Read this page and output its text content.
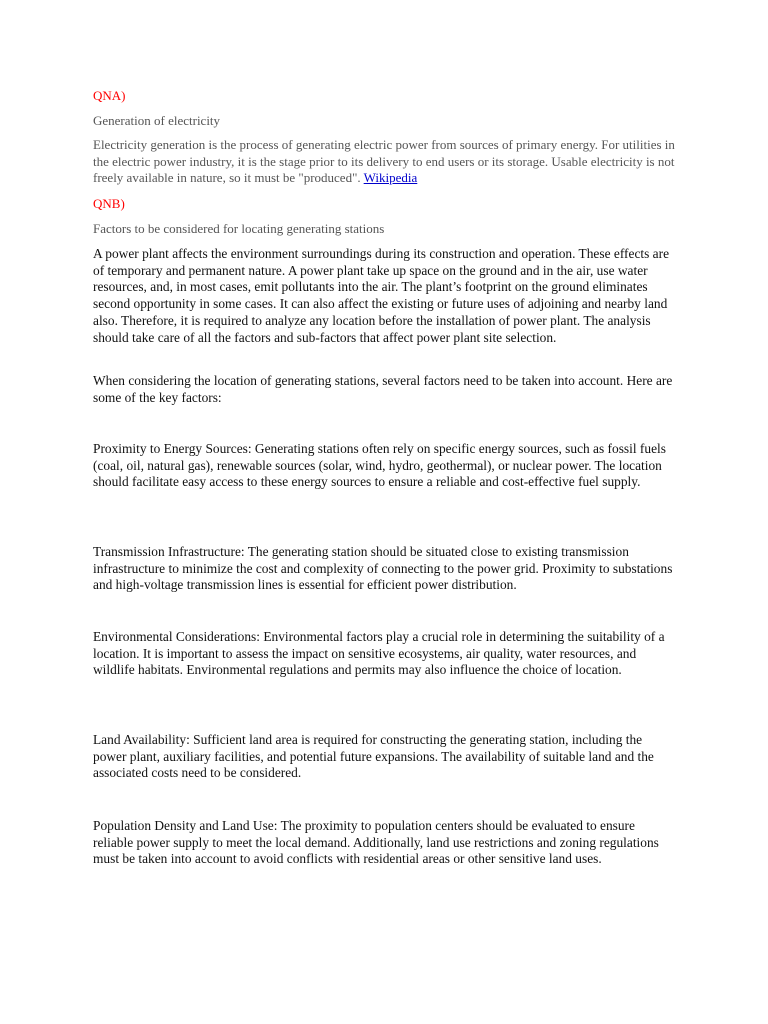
QNA)
Generation of electricity
Electricity generation is the process of generating electric power from sources of primary energy. For utilities in the electric power industry, it is the stage prior to its delivery to end users or its storage. Usable electricity is not freely available in nature, so it must be "produced". Wikipedia
QNB)
Factors to be considered for locating generating stations
A power plant affects the environment surroundings during its construction and operation. These effects are of temporary and permanent nature. A power plant take up space on the ground and in the air, use water resources, and, in most cases, emit pollutants into the air. The plant’s footprint on the ground eliminates second opportunity in some cases. It can also affect the existing or future uses of adjoining and nearby land also. Therefore, it is required to analyze any location before the installation of power plant. The analysis should take care of all the factors and sub-factors that affect power plant site selection.
When considering the location of generating stations, several factors need to be taken into account. Here are some of the key factors:
Proximity to Energy Sources: Generating stations often rely on specific energy sources, such as fossil fuels (coal, oil, natural gas), renewable sources (solar, wind, hydro, geothermal), or nuclear power. The location should facilitate easy access to these energy sources to ensure a reliable and cost-effective fuel supply.
Transmission Infrastructure: The generating station should be situated close to existing transmission infrastructure to minimize the cost and complexity of connecting to the power grid. Proximity to substations and high-voltage transmission lines is essential for efficient power distribution.
Environmental Considerations: Environmental factors play a crucial role in determining the suitability of a location. It is important to assess the impact on sensitive ecosystems, air quality, water resources, and wildlife habitats. Environmental regulations and permits may also influence the choice of location.
Land Availability: Sufficient land area is required for constructing the generating station, including the power plant, auxiliary facilities, and potential future expansions. The availability of suitable land and the associated costs need to be considered.
Population Density and Land Use: The proximity to population centers should be evaluated to ensure reliable power supply to meet the local demand. Additionally, land use restrictions and zoning regulations must be taken into account to avoid conflicts with residential areas or other sensitive land uses.
